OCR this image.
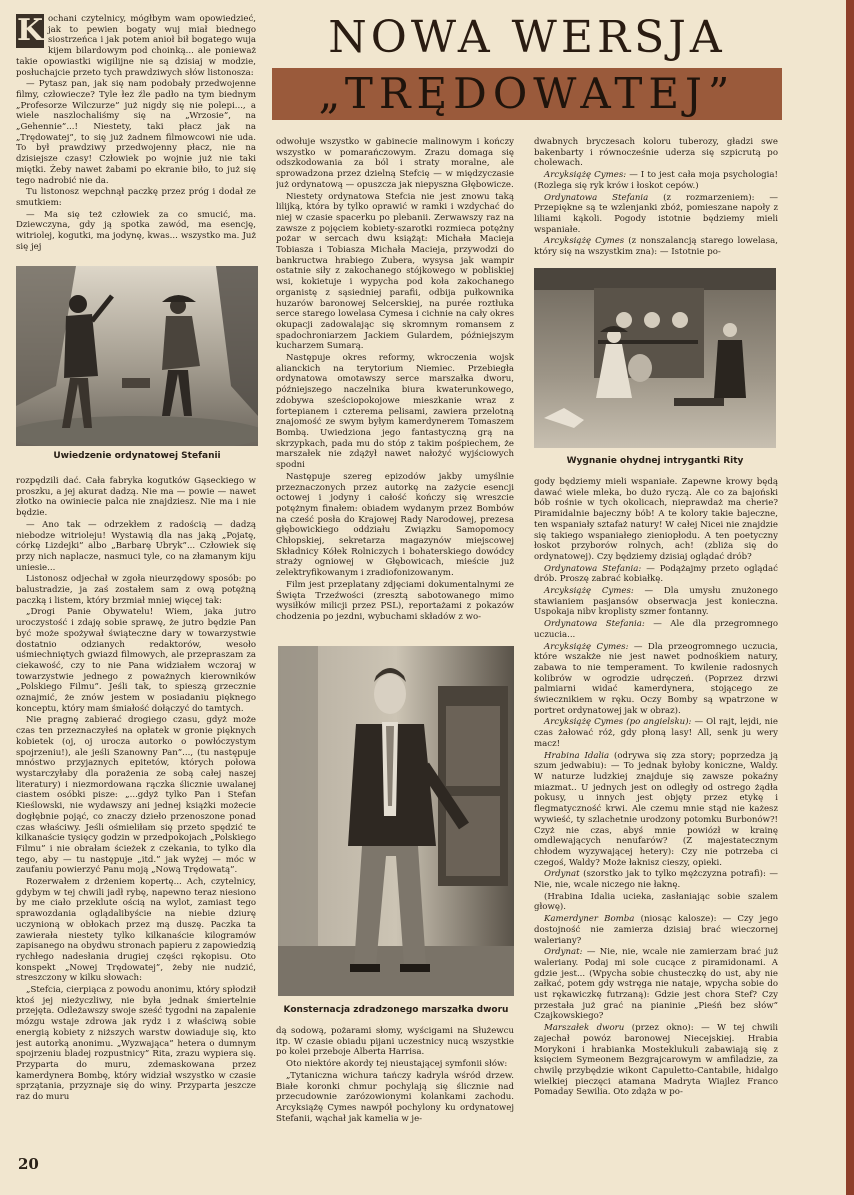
NOWA WERSJA
„TRĘDOWATEJ”
K ochani czytelnicy, mógłbym wam opowiedzieć, jak to pewien bogaty wuj miał biednego siostrzeńca i jak potem anioł bił bogatego wuja kijem bilardowym pod choinką... ale ponieważ takie opowiastki wigilijne nie są dzisiaj w modzie, posłuchajcie przeto tych prawdziwych słów listonosza:

— Pytasz pan, jak się nam podobały przedwojenne filmy, człowiecze? Tyle łez źle padło na tym biednym „Profesorze Wilczurze” już nigdy się nie polepi..., a wiele naszlochaliśmy się na „Wrzosie”, na „Gehennie”...! Niestety, taki płacz jak na „Trędowatej”, to się już żadnem filmowcowi nie uda. To był prawdziwy przedwojenny płacz, nie na dzisiejsze czasy! Człowiek po wojnie już nie taki miętki. Żeby nawet żabami po ekranie biło, to już się tego nadrobić nie da.

Tu listonosz wepchnął paczkę przez próg i dodał ze smutkiem:

— Ma się też człowiek za co smucić, ma. Dziewczyna, gdy ją spotka zawód, ma esencję, witriolej, kogutki, ma jodynę, kwas... wszystko ma. Już się jej

Uwiedzenie ordynatowej Stefanii

rozpędzili dać. Cała fabryka kogutków Gąseckiego w proszku, a jej akurat dadzą. Nie ma — powie — nawet złotko na owiniecie palca nie znajdziesz. Nie ma i nie będzie.

— Ano tak — odrzekłem z radością — dadzą niebodze witrioleju! Wystawią dla nas jaką „Pojatę, córkę Lizdejki” albo „Barbarę Ubryk”... Człowiek się przy nich naplacze, nasmuci tyle, co na złamanym kiju uniesie...

Listonosz odjechał w zgoła nieurzędowy sposób: po balustradzie, ja zaś zostałem sam z ową potężną paczką i listem, który brzmiał mniej więcej tak:

„Drogi Panie Obywatelu! Wiem, jaka jutro uroczystość i zdaję sobie sprawę, że jutro będzie Pan być może spożywał świąteczne dary w towarzystwie dostatnio odzianych redaktorów, wesoło uśmiechniętych gwiazd filmowych, ale przepraszam za ciekawość, czy to nie Pana widziałem wczoraj w towarzystwie jednego z poważnych kierowników „Polskiego Filmu”. Jeśli tak, to spieszą grzecznie oznajmić, że znów jestem w posiadaniu pięknego konceptu, który mam śmiałość dołączyć do tamtych.

Nie pragnę zabierać drogiego czasu, gdyż może czas ten przeznaczyłeś na opłatek w gronie pięknych kobietek (oj, oj urocza autorko o powłóczystym spojrzeniu!), ale jeśli Szanowny Pan”..., (tu następuje mnóstwo przyjaznych epitetów, których połowa wystarczyłaby dla porażenia ze sobą całej naszej literatury) i niezmordowana rączka ślicznie uwalanej ciastem osóbki pisze: „...gdyż tylko Pan i Stefan Kieślowski, nie wydawszy ani jednej książki możecie dogłębnie pojąć, co znaczy dzieło przenoszone ponad czas właściwy. Jeśli ośmieliłam się przeto spędzić te kilkanaście tysięcy godzin w przedpokojach „Polskiego Filmu” i nie obrałam ścieżek z czekania, to tylko dla tego, aby — tu następuje „itd.” jak wyżej — móc w zaufaniu powierzyć Panu moją „Nową Trędowatą”.

Rozerwałem z drżeniem kopertę... Ach, czytelnicy, gdybym w tej chwili jadł rybę, napewno teraz niesiono by me ciało przeklute ością na wylot, zamiast tego sprawozdania oglądalibyście na niebie dziurę uczynioną w obłokach przez mą duszę. Paczka ta zawierała niestety tylko kilkanaście kilogramów zapisanego na obydwu stronach papieru z zapowiedzią rychłego nadesłania drugiej części rękopisu. Oto konspekt „Nowej Trędowatej”, żeby nie nudzić, streszczony w kilku słowach:

„Stefcia, cierpiąca z powodu anonimu, który spłodził ktoś jej nieżyczliwy, nie była jednak śmiertelnie przejęta. Odleżawszy swoje sześć tygodni na zapalenie mózgu wstaje zdrowa jak rydz i z właściwą sobie energią kobiety z niższych warstw dowiaduje się, kto jest autorką anonimu. „Wyzwająca” hetera o dumnym spojrzeniu bladej rozpustnicy” Rita, zrazu wypiera się. Przyparta do muru, zdemaskowana przez kamerdynera Bombę, który widział wszystko w czasie sprzątania, przyznaje się do winy. Przyparta jeszcze raz do muru

odwołuje wszystko w gabinecie malinowym i kończy wszystko w pomarańczowym. Zrazu domaga się odszkodowania za ból i straty moralne, ale sprowadzona przez dzielną Stefcię — w międzyczasie już ordynatową — opuszcza jak niepyszna Głębowicze.

Niestety ordynatowa Stefcia nie jest znowu taką lilijką, która by tylko oprawić w ramki i wzdychać do niej w czasie spacerku po plebanii. Zerwawszy raz na zawsze z pojęciem kobiety-szarotki rozmieca potężny pożar w sercach dwu książąt: Michała Macieja Tobiasza i Tobiasza Michała Macieja, przywodzi do bankructwa hrabiego Zubera, wysysa jak wampir ostatnie siły z zakochanego stójkowego w pobliskiej wsi, kokietuje i wypycha pod koła zakochanego organistę z sąsiedniej parafii, odbija pułkownika huzarów baronowej Selcerskiej, na purée roztłuka serce starego lowelasa Cymesa i cichnie na cały okres okupacji zadowalając się skromnym romansem z spadochroniarzem Jackiem Gulardem, późniejszym kucharzem Sumarą.

Następuje okres reformy, wkroczenia wojsk alianckich na terytorium Niemiec. Przebiegła ordynatowa omotawszy serce marszałka dworu, późniejszego naczelnika biura kwaterunkowego, zdobywa sześciopokojowe mieszkanie wraz z fortepianem i czterema pelisami, zawiera przelotną znajomość ze swym byłym kamerdynerem Tomaszem Bombą. Uwiedziona jego fantastyczną grą na skrzypkach, pada mu do stóp z takim pośpiechem, że marszałek nie zdążył nawet nałożyć wyjściowych spodni

Następuje szereg epizodów jakby umyślnie przeznaczonych przez autorkę na zażycie esencji octowej i jodyny i całość kończy się wreszcie potężnym finałem: obiadem wydanym przez Bombów na cześć posła do Krajowej Rady Narodowej, prezesa głębowickiego oddziału Związku Samopomocy Chłopskiej, sekretarza magazynów miejscowej Składnicy Kółek Rolniczych i bohaterskiego dowódcy straży ogniowej w Głębowicach, mieście już zelektryfikowanym i zradiofonizowanym.

Film jest przeplatany zdjęciami dokumentalnymi ze Święta Trzeźwości (zresztą sabotowanego mimo wysiłków milicji przez PSL), reportażami z pokazów chodzenia po jezdni, wybuchami składów z wo-

Konsternacja zdradzonego marszałka dworu

dą sodową, pożarami słomy, wyścigami na Służewcu itp. W czasie obiadu pijani uczestnicy nucą wszystkie po kolei przeboje Alberta Harrisa.

Oto niektóre akordy tej nieustającej symfonii słów:

„Tytaniczna wichura tańczy kadryla wśród drzew. Białe koronki chmur pochylają się ślicznie nad przecudownie zarózowionymi kolankami zachodu. Arcyksiążę Cymes nawpół pochylony ku ordynatowej Stefanii, wąchał jak kamelia w je-

dwabnych bryczesach koloru tuberozy, gładzi swe bakenbarty i równocześnie uderza się szpicrutą po cholewach.

Arcyksiążę Cymes: — I to jest cała moja psychologia! (Rozlega się ryk krów i łoskot cepów.)

Ordynatowa Stefania (z rozmarzeniem): — Przepiękne są te wzlenjanki zbóż, pomieszane napoły z liliami kąkoli. Pogody istotnie będziemy mieli wspaniałe.

Arcyksiążę Cymes (z nonszalancją starego lowelasa, który się na wszystkim zna): — Istotnie po-

Wygnanie ohydnej intrygantki Rity

gody będziemy mieli wspaniałe. Zapewne krowy będą dawać wiele mleka, bo dużo ryczą. Ale co za bajoński bób rośnie w tych okolicach, nieprawdaż ma cherie? Piramidalnie bajeczny bób! A te kolory takie bajeczne, ten wspaniały sztafaż natury! W całej Nicei nie znajdzie się takiego wspaniałego zieniopłodu. A ten poetyczny łoskot przyborów rolnych, ach! (zbliża się do ordynatowej). Czy będziemy dzisiaj oglądać drób?

Ordynatowa Stefania: — Podążajmy przeto oglądać drób. Proszę zabrać kobiałkę.

Arcyksiążę Cymes: — Dla umysłu znużonego stawianiem pasjansów obserwacja jest konieczna. Uspokaja nibv kroplisty szmer fontanny.

Ordynatowa Stefania: — Ale dla przegromnego uczucia...

Arcyksiążę Cymes: — Dla przeogromnego uczucia, które wszakże nie jest nawet podnośkiem natury, zabawa to nie temperament. To kwilenie radosnych kolibrów w ogrodzie udręczeń. (Poprzez drzwi palmiarni widać kamerdynera, stojącego ze świecznikiem w ręku. Oczy Bomby są wpatrzone w portret ordynatowej jak w obraz).

Arcyksiążę Cymes (po angielsku): — Ol rajt, lejdi, nie czas żałować róż, gdy płoną lasy! All, senk ju wery macz!

Hrabina Idalia (odrywa się zza story; poprzedza ją szum jedwabiu): — To jednak byłoby koniczne, Waldy. W naturze ludzkiej znajduje się zawsze pokaźny miazmat.. U jednych jest on odległy od ostrego żądła pokusy, u innych jest objęty przez etykę i flegmatyczność krwi. Ale czemu mnie stąd nie każesz wywieść, ty szlachetnie urodzony potomku Burbonów?! Czyż nie czas, abyś mnie powiózł w krainę omdlewających nenufarów? (Z majestatecznym chłodem wyzywającej hetery): Czy nie potrzeba ci czegoś, Waldy? Może łaknisz cieszy, opieki.

Ordynat (szorstko jak to tylko mężczyzna potrafi): — Nie, nie, wcale niczego nie łaknę.

(Hrabina Idalia ucieka, zasłaniając sobie szalem głowę).

Kamerdyner Bomba (niosąc kalosze): — Czy jego dostojność nie zamierza dzisiaj brać wieczornej waleriany?

Ordynat: — Nie, nie, wcale nie zamierzam brać już waleriany. Podaj mi sole cucące z piramidonami. A gdzie jest... (Wpycha sobie chusteczkę do ust, aby nie załkać, potem gdy wstręga nie nataje, wpycha sobie do ust rękawiczkę futrzaną): Gdzie jest chora Stef? Czy przestała już grać na pianinie „Pieśń bez słów” Czajkowskiego?

Marszałek dworu (przez okno): — W tej chwili zajechał powóz baronowej Niecejskiej. Hrabia Morykoni i hrabianka Mosteklukuli zabawiają się z księciem Symeonem Bezgrajcarowym w amfiladzie, za chwilę przybędzie wikont Capuletto-Cantabile, hidalgo wielkiej pieczęci atamana Madryta Wiajlez Franco Pomaday Sewilia. Oto zdąża w po-

20
